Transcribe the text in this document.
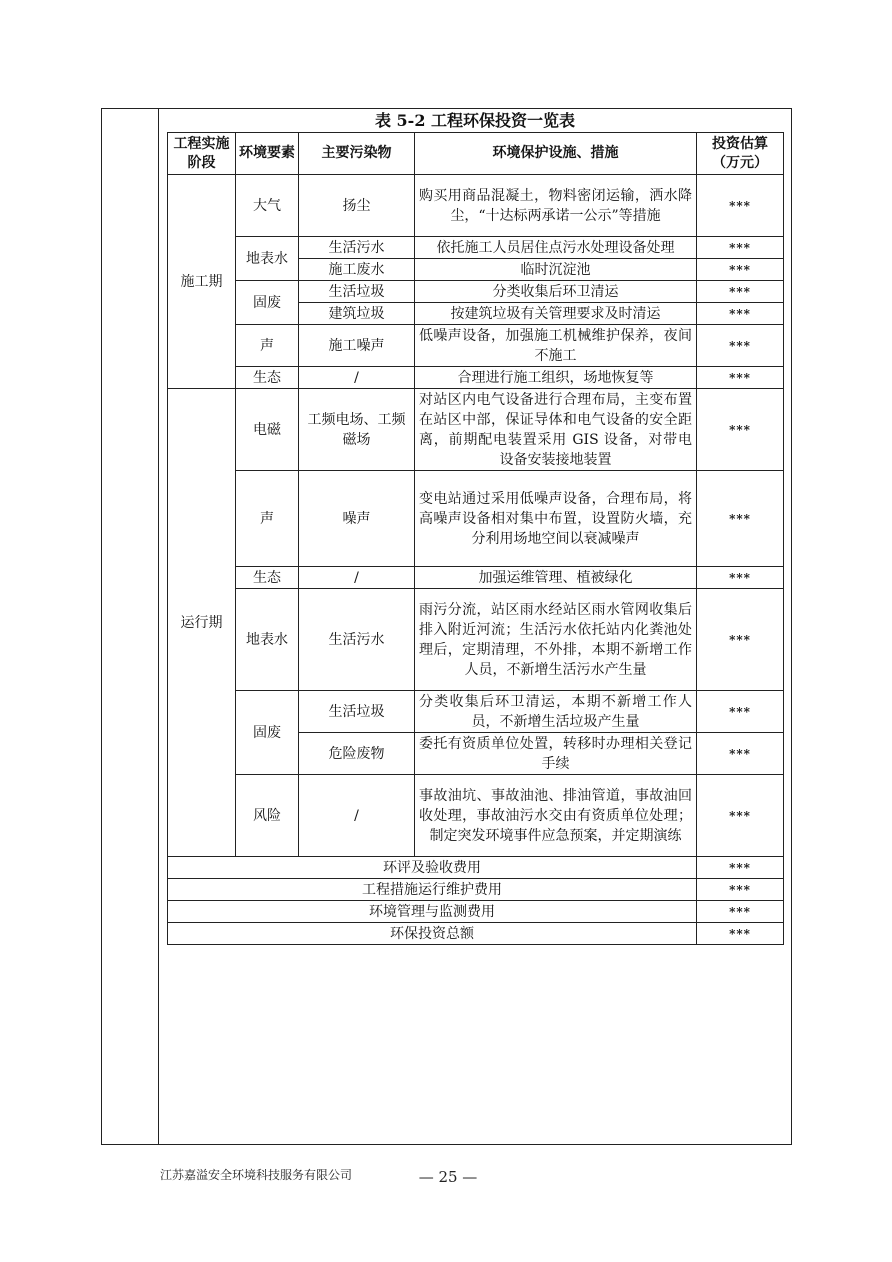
表 5-2 工程环保投资一览表
工程实施阶段	环境要素	主要污染物	环境保护设施、措施	投资估算（万元）
施工期	大气	扬尘	购买用商品混凝土，物料密闭运输，洒水降尘，“十达标两承诺一公示”等措施	***
	地表水	生活污水	依托施工人员居住点污水处理设备处理	***
		施工废水	临时沉淀池	***
	固废	生活垃圾	分类收集后环卫清运	***
		建筑垃圾	按建筑垃圾有关管理要求及时清运	***
	声	施工噪声	低噪声设备，加强施工机械维护保养，夜间不施工	***
	生态	/	合理进行施工组织，场地恢复等	***

运行期	电磁	工频电场、工频磁场	对站区内电气设备进行合理布局，主变布置在站区中部，保证导体和电气设备的安全距离，前期配电装置采用 GIS 设备，对带电设备安装接地装置	***
	声	噪声	变电站通过采用低噪声设备，合理布局，将高噪声设备相对集中布置，设置防火墙，充分利用场地空间以衰减噪声	***
	生态	/	加强运维管理、植被绿化	***
	地表水	生活污水	雨污分流，站区雨水经站区雨水管网收集后排入附近河流；生活污水依托站内化粪池处理后，定期清理，不外排，本期不新增工作人员，不新增生活污水产生量	***
	固废	生活垃圾	分类收集后环卫清运，本期不新增工作人员，不新增生活垃圾产生量	***
		危险废物	委托有资质单位处置，转移时办理相关登记手续	***
	风险	/	事故油坑、事故油池、排油管道，事故油回收处理，事故油污水交由有资质单位处理；制定突发环境事件应急预案，并定期演练	***

环评及验收费用				***
工程措施运行维护费用				***
环境管理与监测费用				***
环保投资总额				***
江苏嘉溢安全环境科技服务有限公司	— 25 —
